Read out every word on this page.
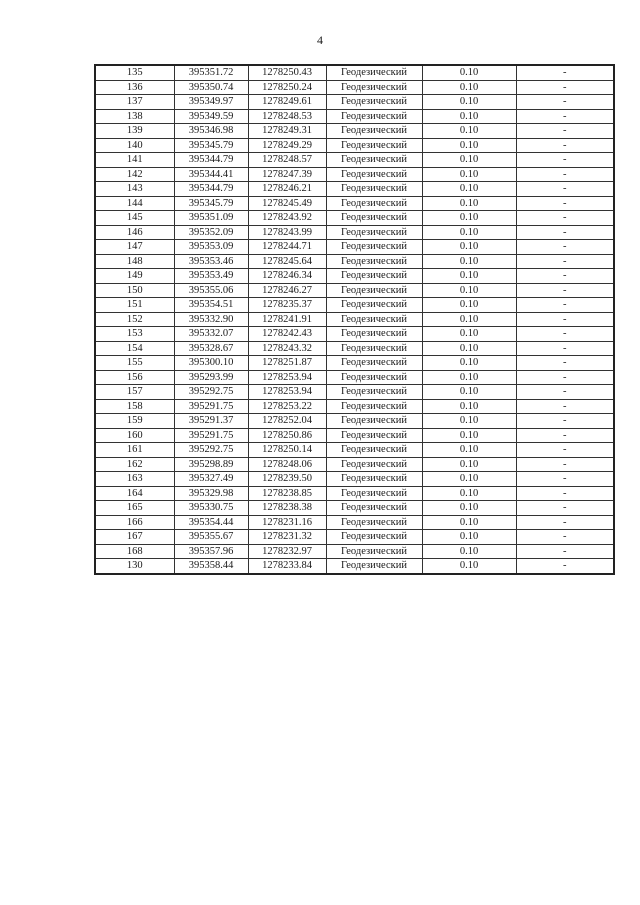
4
135	395351.72	1278250.43	Геодезический	0.10	-
136	395350.74	1278250.24	Геодезический	0.10	-
137	395349.97	1278249.61	Геодезический	0.10	-
138	395349.59	1278248.53	Геодезический	0.10	-
139	395346.98	1278249.31	Геодезический	0.10	-
140	395345.79	1278249.29	Геодезический	0.10	-
141	395344.79	1278248.57	Геодезический	0.10	-
142	395344.41	1278247.39	Геодезический	0.10	-
143	395344.79	1278246.21	Геодезический	0.10	-
144	395345.79	1278245.49	Геодезический	0.10	-
145	395351.09	1278243.92	Геодезический	0.10	-
146	395352.09	1278243.99	Геодезический	0.10	-
147	395353.09	1278244.71	Геодезический	0.10	-
148	395353.46	1278245.64	Геодезический	0.10	-
149	395353.49	1278246.34	Геодезический	0.10	-
150	395355.06	1278246.27	Геодезический	0.10	-
151	395354.51	1278235.37	Геодезический	0.10	-
152	395332.90	1278241.91	Геодезический	0.10	-
153	395332.07	1278242.43	Геодезический	0.10	-
154	395328.67	1278243.32	Геодезический	0.10	-
155	395300.10	1278251.87	Геодезический	0.10	-
156	395293.99	1278253.94	Геодезический	0.10	-
157	395292.75	1278253.94	Геодезический	0.10	-
158	395291.75	1278253.22	Геодезический	0.10	-
159	395291.37	1278252.04	Геодезический	0.10	-
160	395291.75	1278250.86	Геодезический	0.10	-
161	395292.75	1278250.14	Геодезический	0.10	-
162	395298.89	1278248.06	Геодезический	0.10	-
163	395327.49	1278239.50	Геодезический	0.10	-
164	395329.98	1278238.85	Геодезический	0.10	-
165	395330.75	1278238.38	Геодезический	0.10	-
166	395354.44	1278231.16	Геодезический	0.10	-
167	395355.67	1278231.32	Геодезический	0.10	-
168	395357.96	1278232.97	Геодезический	0.10	-
130	395358.44	1278233.84	Геодезический	0.10	-
